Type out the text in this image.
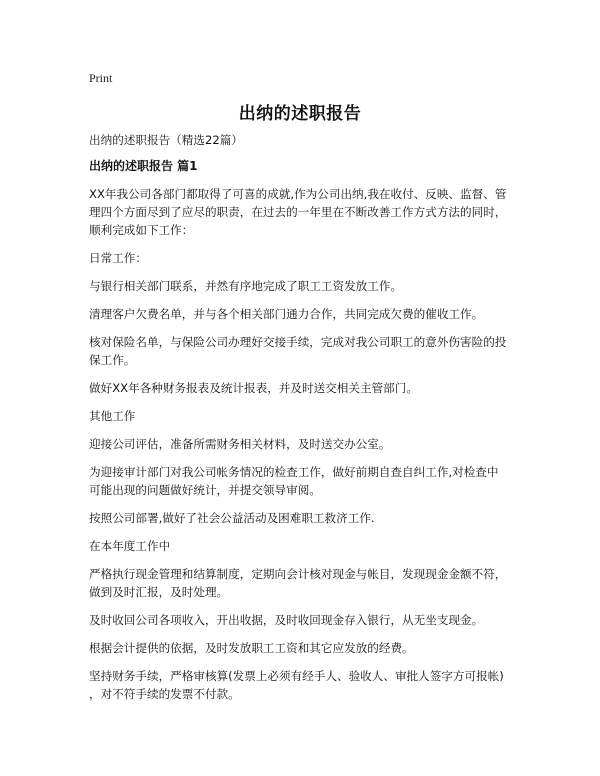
Print
出纳的述职报告

出纳的述职报告（精选22篇）

出纳的述职报告 篇1

XX年我公司各部门都取得了可喜的成就,作为公司出纳,我在收付、反映、监督、管
理四个方面尽到了应尽的职责，在过去的一年里在不断改善工作方式方法的同时，
顺利完成如下工作：

日常工作：

与银行相关部门联系，并然有序地完成了职工工资发放工作。

清理客户欠费名单，并与各个相关部门通力合作，共同完成欠费的催收工作。

核对保险名单，与保险公司办理好交接手续，完成对我公司职工的意外伤害险的投
保工作。

做好XX年各种财务报表及统计报表，并及时送交相关主管部门。

其他工作

迎接公司评估，准备所需财务相关材料，及时送交办公室。

为迎接审计部门对我公司帐务情况的检查工作，做好前期自查自纠工作,对检查中
可能出现的问题做好统计，并提交领导审阅。

按照公司部署,做好了社会公益活动及困难职工救济工作.

在本年度工作中

严格执行现金管理和结算制度，定期向会计核对现金与帐目，发现现金金额不符，
做到及时汇报，及时处理。

及时收回公司各项收入，开出收据，及时收回现金存入银行，从无坐支现金。

根据会计提供的依据，及时发放职工工资和其它应发放的经费。

坚持财务手续，严格审核算(发票上必须有经手人、验收人、审批人签字方可报帐)
，对不符手续的发票不付款。
